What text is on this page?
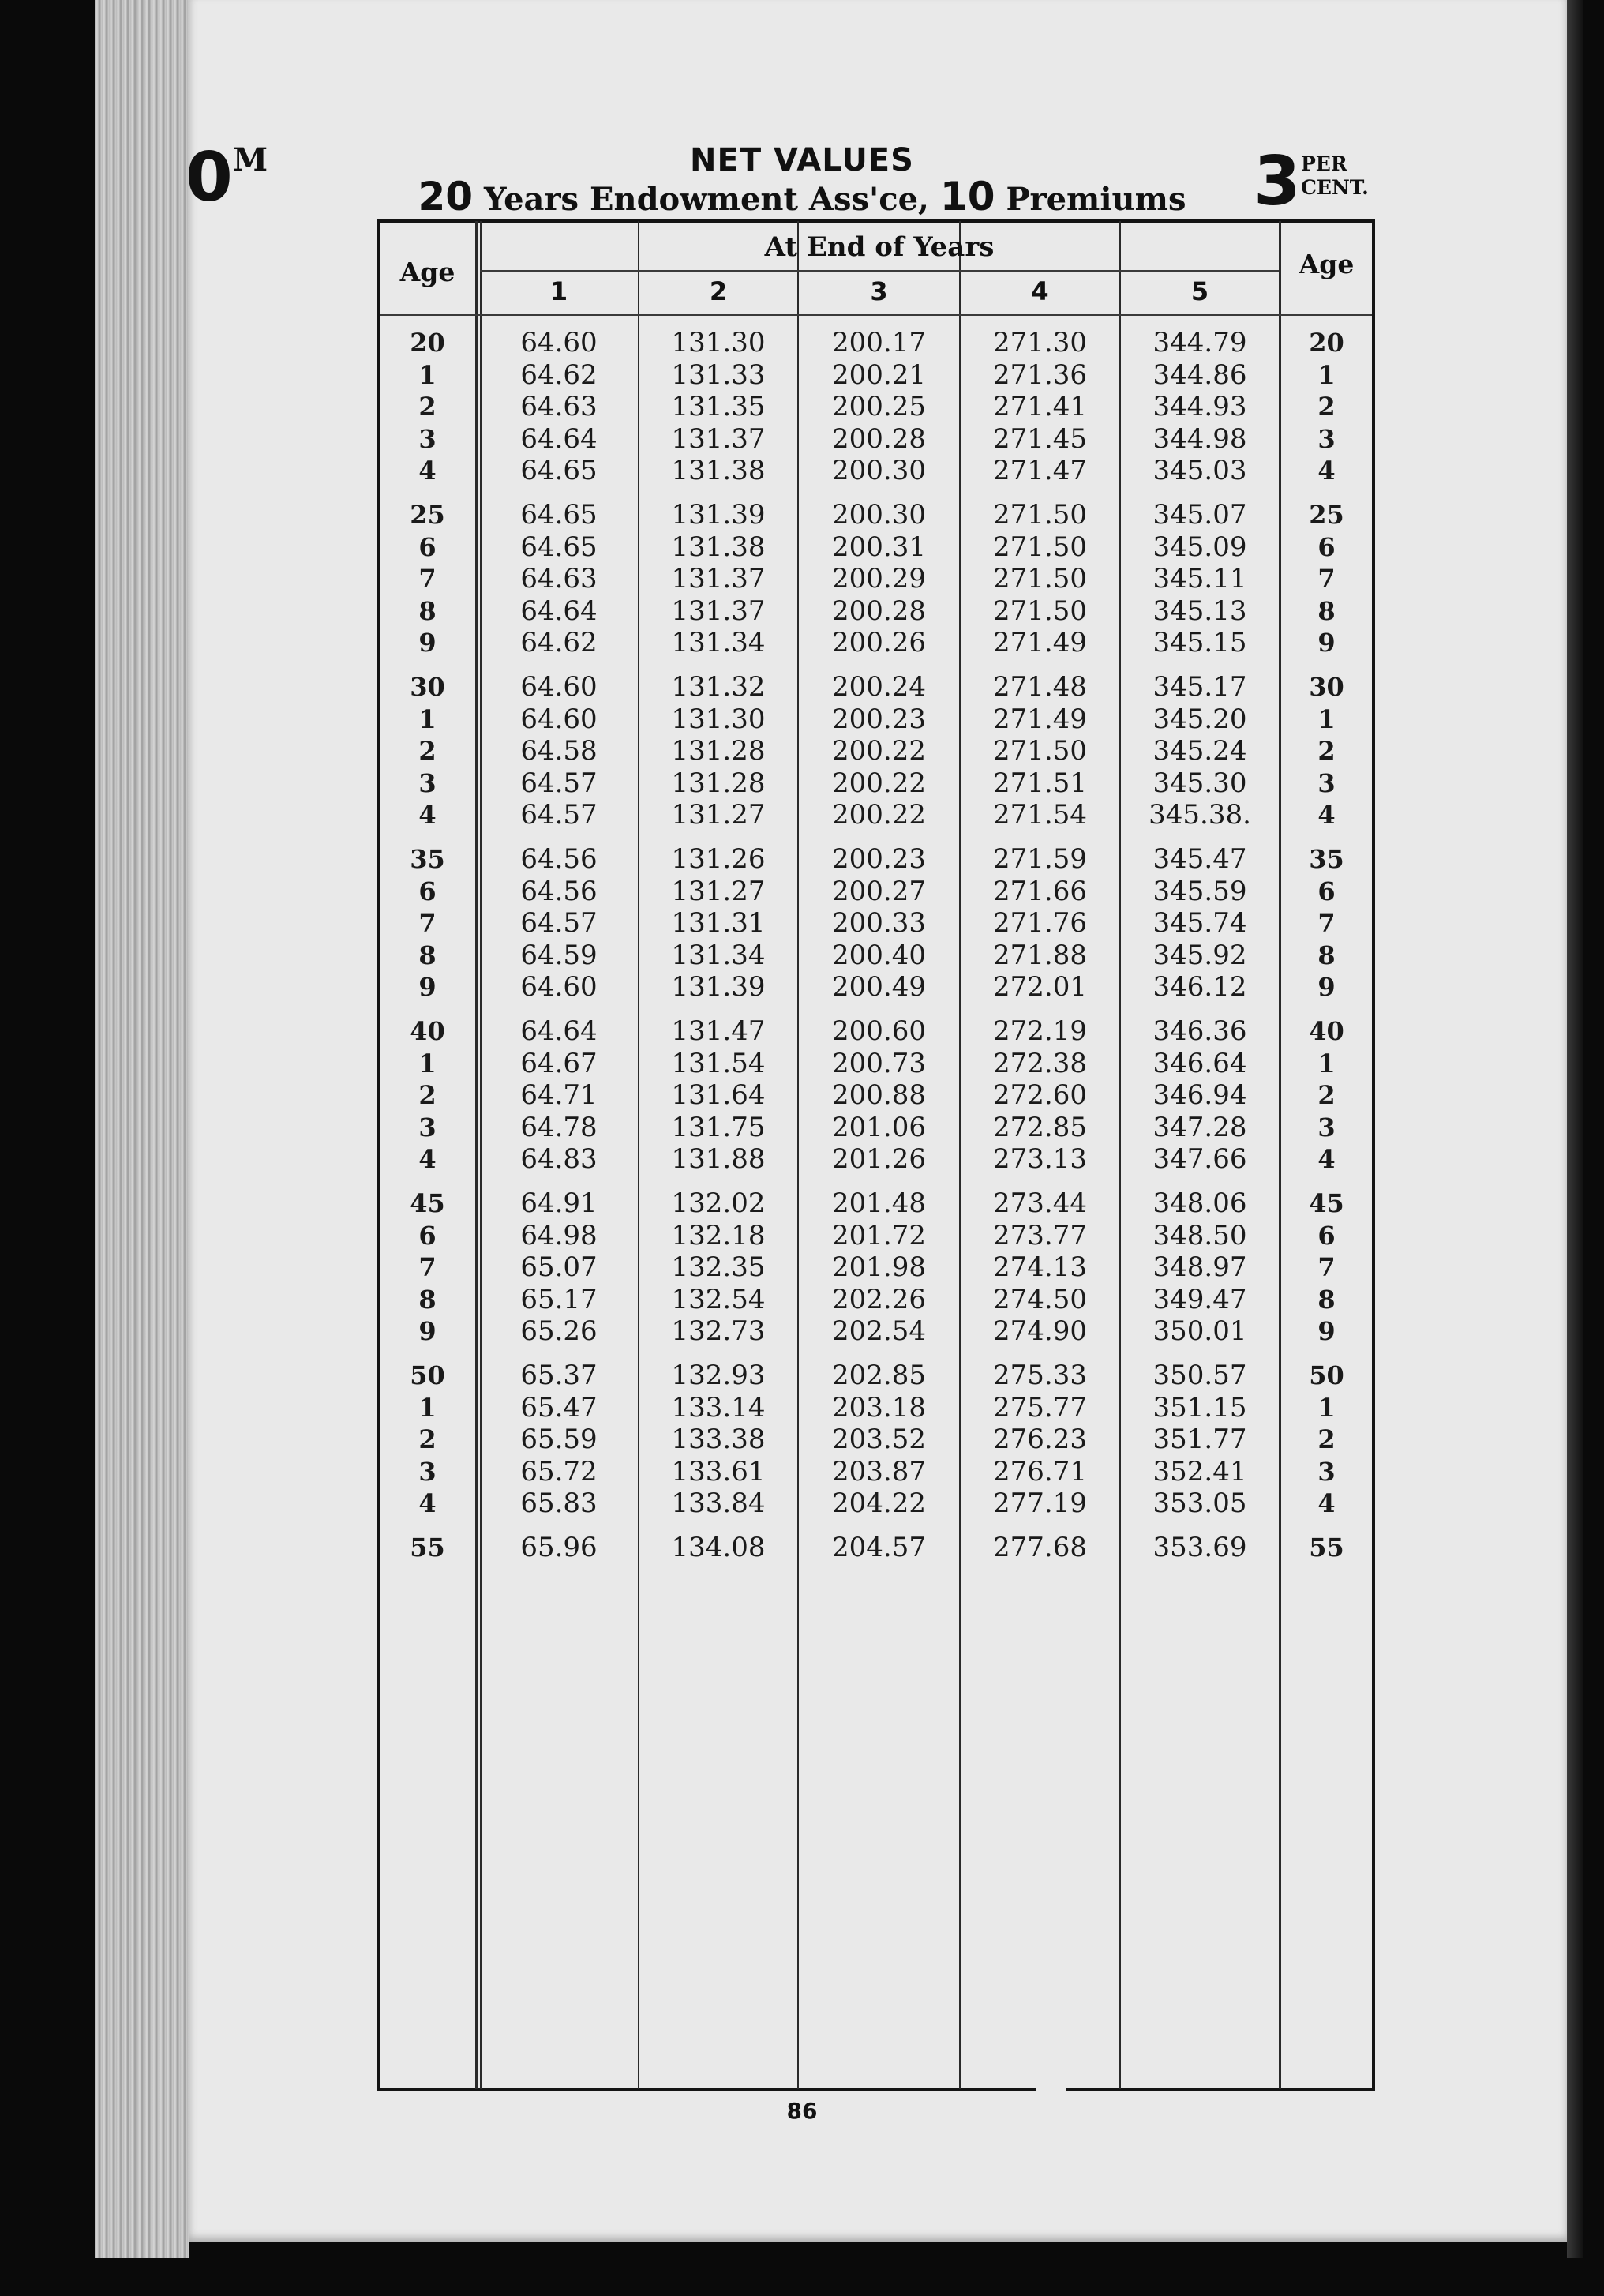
$0^M$	NET VALUES
20 Years Endowment Ass'ce, 10 Premiums 3 PER
CENT.
Age
At End of Years
Age
1	2	3	4	5
20	64.60	131.30	200.17	271.30	344.79	20
1	64.62	131.33	200.21	271.36	344.86	1
2	64.63	131.35	200.25	271.41	344.93	2
3	64.64	131.37	200.28	271.45	344.98	3
4	64.65	131.38	200.30	271.47	345.03	4
25	64.65	131.39	200.30	271.50	345.07	25
6	64.65	131.38	200.31	271.50	345.09	6
7	64.63	131.37	200.29	271.50	345.11	7
8	64.64	131.37	200.28	271.50	345.13	8
9	64.62	131.34	200.26	271.49	345.15	9
30	64.60	131.32	200.24	271.48	345.17	30
1	64.60	131.30	200.23	271.49	345.20	1
2	64.58	131.28	200.22	271.50	345.24	2
3	64.57	131.28	200.22	271.51	345.30	3
4	64.57	131.27	200.22	271.54	345.38.	4
35	64.56	131.26	200.23	271.59	345.47	35
6	64.56	131.27	200.27	271.66	345.59	6
7	64.57	131.31	200.33	271.76	345.74	7
8	64.59	131.34	200.40	271.88	345.92	8
9	64.60	131.39	200.49	272.01	346.12	9
40	64.64	131.47	200.60	272.19	346.36	40
1	64.67	131.54	200.73	272.38	346.64	1
2	64.71	131.64	200.88	272.60	346.94	2
3	64.78	131.75	201.06	272.85	347.28	3
4	64.83	131.88	201.26	273.13	347.66	4
45	64.91	132.02	201.48	273.44	348.06	45
6	64.98	132.18	201.72	273.77	348.50	6
7	65.07	132.35	201.98	274.13	348.97	7
8	65.17	132.54	202.26	274.50	349.47	8
9	65.26	132.73	202.54	274.90	350.01	9
50	65.37	132.93	202.85	275.33	350.57	50
1	65.47	133.14	203.18	275.77	351.15	1
2	65.59	133.38	203.52	276.23	351.77	2
3	65.72	133.61	203.87	276.71	352.41	3
4	65.83	133.84	204.22	277.19	353.05	4
55	65.96	134.08	204.57	277.68	353.69	55
86
